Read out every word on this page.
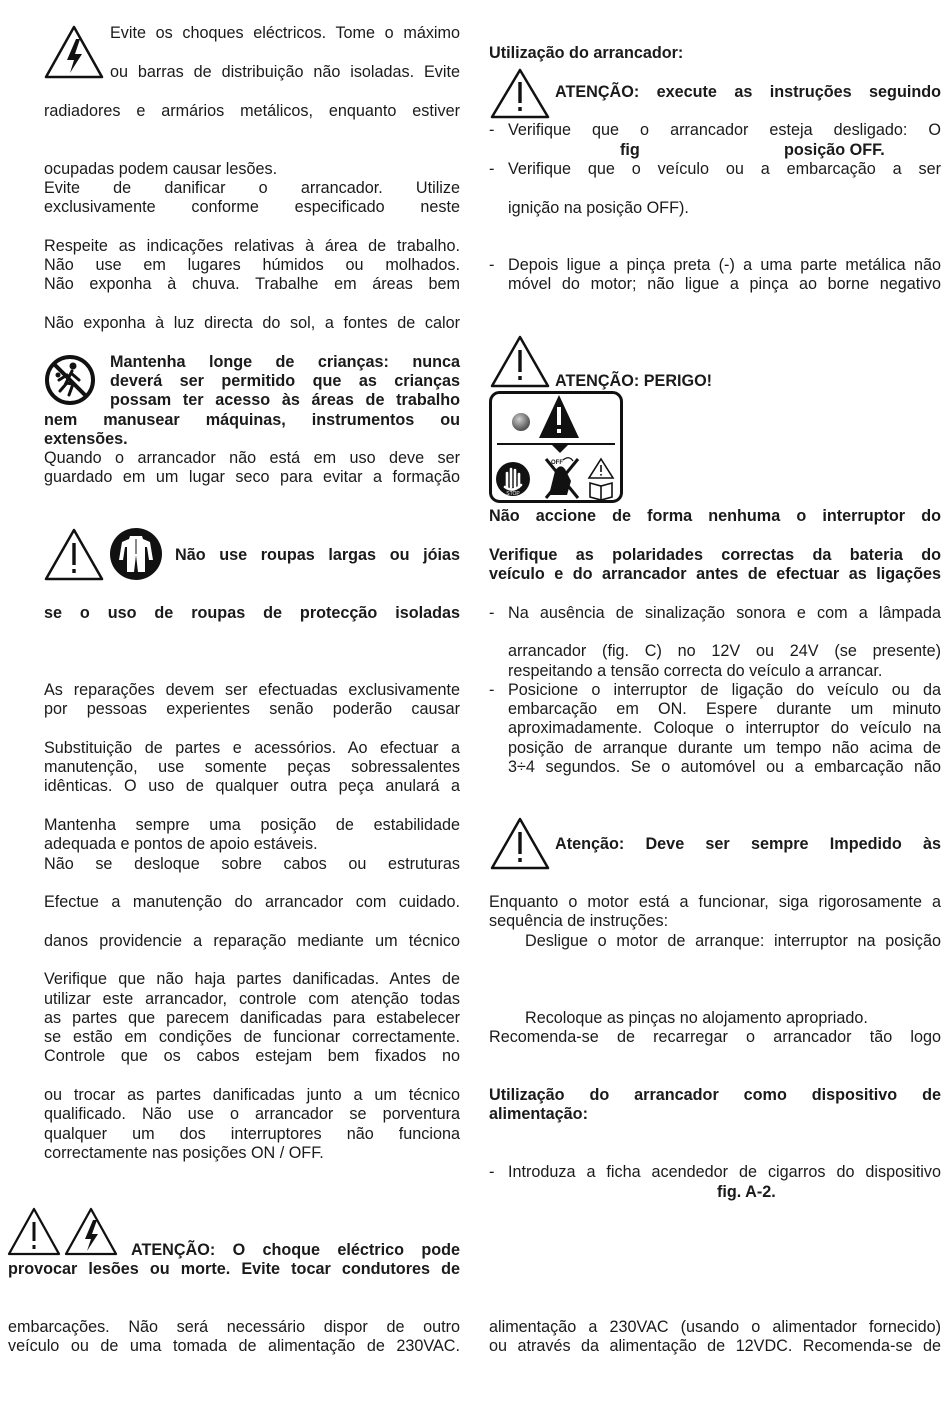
STOP
OFF
Evite os choques eléctricos. Tome o máximo
ou barras de distribuição não isoladas. Evite
radiadores e armários metálicos, enquanto estiver
ocupadas podem causar lesões.
Evite de danificar o arrancador. Utilize
exclusivamente conforme especificado neste
Respeite as indicações relativas à área de trabalho.
Não use em lugares húmidos ou molhados.
Não exponha à chuva. Trabalhe em áreas bem
Não exponha à luz directa do sol, a fontes de calor
Mantenha longe de crianças: nunca
deverá ser permitido que as crianças
possam ter acesso às áreas de trabalho
nem manusear máquinas, instrumentos ou
extensões.
Quando o arrancador não está em uso deve ser
guardado em um lugar seco para evitar a formação
Não use roupas largas ou jóias
se o uso de roupas de protecção isoladas
As reparações devem ser efectuadas exclusivamente
por pessoas experientes senão poderão causar
Substituição de partes e acessórios. Ao efectuar a
manutenção, use somente peças sobressalentes
idênticas. O uso de qualquer outra peça anulará a
Mantenha sempre uma posição de estabilidade
adequada e pontos de apoio estáveis.
Não se desloque sobre cabos ou estruturas
Efectue a manutenção do arrancador com cuidado.
danos providencie a reparação mediante um técnico
Verifique que não haja partes danificadas. Antes de
utilizar este arrancador, controle com atenção todas
as partes que parecem danificadas para estabelecer
se estão em condições de funcionar correctamente.
Controle que os cabos estejam bem fixados no
ou trocar as partes danificadas junto a um técnico
qualificado. Não use o arrancador se porventura
qualquer um dos interruptores não funciona
correctamente nas posições ON / OFF.
ATENÇÃO: O choque eléctrico pode
provocar lesões ou morte. Evite tocar condutores de
embarcações. Não será necessário dispor de outro
veículo ou de uma tomada de alimentação de 230VAC.
Utilização do arrancador:
ATENÇÃO: execute as instruções seguindo
- Verifique que o arrancador esteja desligado: O
fig	posição OFF.
- Verifique que o veículo ou a embarcação a ser
ignição na posição OFF).
- Depois ligue a pinça preta (-) a uma parte metálica não
móvel do motor; não ligue a pinça ao borne negativo
ATENÇÃO: PERIGO!
Não accione de forma nenhuma o interruptor do
Verifique as polaridades correctas da bateria do
veículo e do arrancador antes de efectuar as ligações
- Na ausência de sinalização sonora e com a lâmpada
arrancador (fig. C) no 12V ou 24V (se presente)
respeitando a tensão correcta do veículo a arrancar.
- Posicione o interruptor de ligação do veículo ou da
embarcação em ON. Espere durante um minuto
aproximadamente. Coloque o interruptor do veículo na
posição de arranque durante um tempo não acima de
3÷4 segundos. Se o automóvel ou a embarcação não
Atenção: Deve ser sempre Impedido às
Enquanto o motor está a funcionar, siga rigorosamente a
sequência de instruções:
Desligue o motor de arranque: interruptor na posição
Recoloque as pinças no alojamento apropriado.
Recomenda-se de recarregar o arrancador tão logo
Utilização do arrancador como dispositivo de
alimentação:
- Introduza a ficha acendedor de cigarros do dispositivo
fig. A-2.
alimentação a 230VAC (usando o alimentador fornecido)
ou através da alimentação de 12VDC. Recomenda-se de
